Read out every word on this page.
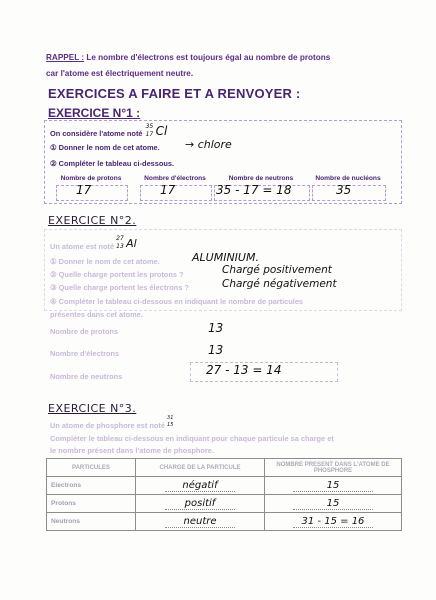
RAPPEL : Le nombre d'électrons est toujours égal au nombre de protons
car l'atome est électriquement neutre.
EXERCICES A FAIRE ET A RENVOYER :
EXERCICE N°1 :
On considère l'atome noté
35
17 Cl
① Donner le nom de cet atome. → chlore
② Compléter le tableau ci-dessous.
Nombre de protons	Nombre d'électrons	Nombre de neutrons	Nombre de nucléons
17	17	35 - 17 = 18	35
EXERCICE N°2.
Un atome est noté
27
13 Al
① Donner le nom de cet atome.	ALUMINIUM.
② Quelle charge portent les protons ?	Chargé positivement
③ Quelle charge portent les électrons ?	Chargé négativement
④ Compléter le tableau ci-dessous en indiquant le nombre de particules
présentes dans cet atome.
Nombre de protons	13
Nombre d'électrons	13
Nombre de neutrons	27 - 13 = 14
EXERCICE N°3.
Un atome de phosphore est noté
31
15
Compléter le tableau ci-dessous en indiquant pour chaque particule sa charge et
le nombre présent dans l'atome de phosphore.
PARTICULES	CHARGE DE LA PARTICULE	NOMBRE PRESENT DANS L'ATOME DE PHOSPHORE
Electrons	négatif	15
Protons	positif	15
Neutrons	neutre	31 - 15 = 16
